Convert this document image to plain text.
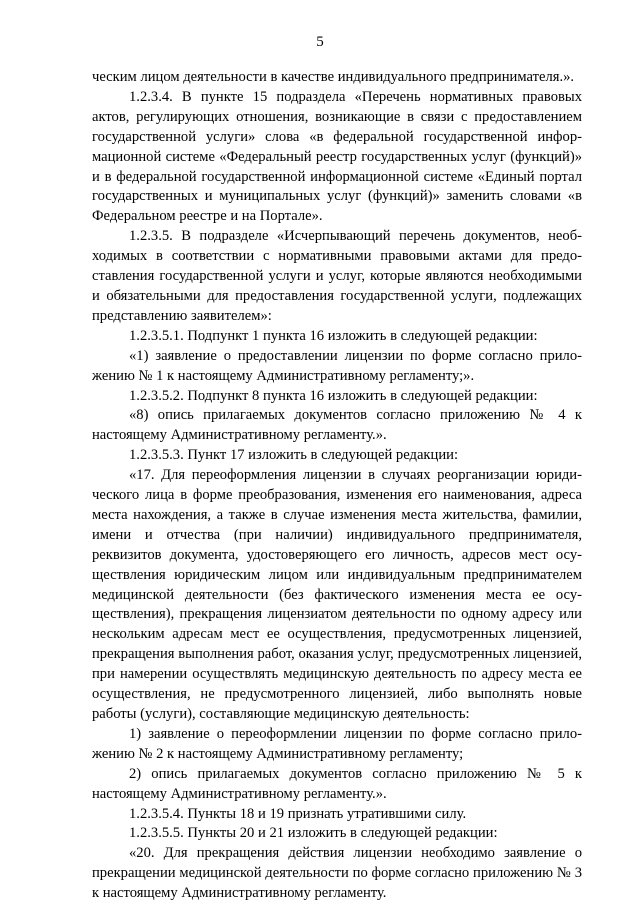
5

ческим лицом деятельности в качестве индивидуального предпринимателя.».

1.2.3.4. В пункте 15 подраздела «Перечень нормативных правовых актов, регулирующих отношения, возникающие в связи с предоставлением государственной услуги» слова «в федеральной государственной информационной системе «Федеральный реестр государственных услуг (функций)» и в федеральной государственной информационной системе «Единый портал государственных и муниципальных услуг (функций)» заменить словами «в Федеральном реестре и на Портале».

1.2.3.5. В подразделе «Исчерпывающий перечень документов, необходимых в соответствии с нормативными правовыми актами для предоставления государственной услуги и услуг, которые являются необходимыми и обязательными для предоставления государственной услуги, подлежащих представлению заявителем»:

1.2.3.5.1. Подпункт 1 пункта 16 изложить в следующей редакции:

«1) заявление о предоставлении лицензии по форме согласно приложению № 1 к настоящему Административному регламенту;».

1.2.3.5.2. Подпункт 8 пункта 16 изложить в следующей редакции:

«8) опись прилагаемых документов согласно приложению № 4 к настоящему Административному регламенту.».

1.2.3.5.3. Пункт 17 изложить в следующей редакции:

«17. Для переоформления лицензии в случаях реорганизации юридического лица в форме преобразования, изменения его наименования, адреса места нахождения, а также в случае изменения места жительства, фамилии, имени и отчества (при наличии) индивидуального предпринимателя, реквизитов документа, удостоверяющего его личность, адресов мест осуществления юридическим лицом или индивидуальным предпринимателем медицинской деятельности (без фактического изменения места ее осуществления), прекращения лицензиатом деятельности по одному адресу или нескольким адресам мест ее осуществления, предусмотренных лицензией, прекращения выполнения работ, оказания услуг, предусмотренных лицензией, при намерении осуществлять медицинскую деятельность по адресу места ее осуществления, не предусмотренного лицензией, либо выполнять новые работы (услуги), составляющие медицинскую деятельность:

1) заявление о переоформлении лицензии по форме согласно приложению № 2 к настоящему Административному регламенту;

2) опись прилагаемых документов согласно приложению № 5 к настоящему Административному регламенту.».

1.2.3.5.4. Пункты 18 и 19 признать утратившими силу.

1.2.3.5.5. Пункты 20 и 21 изложить в следующей редакции:

«20. Для прекращения действия лицензии необходимо заявление о прекращении медицинской деятельности по форме согласно приложению № 3 к настоящему Административному регламенту.
